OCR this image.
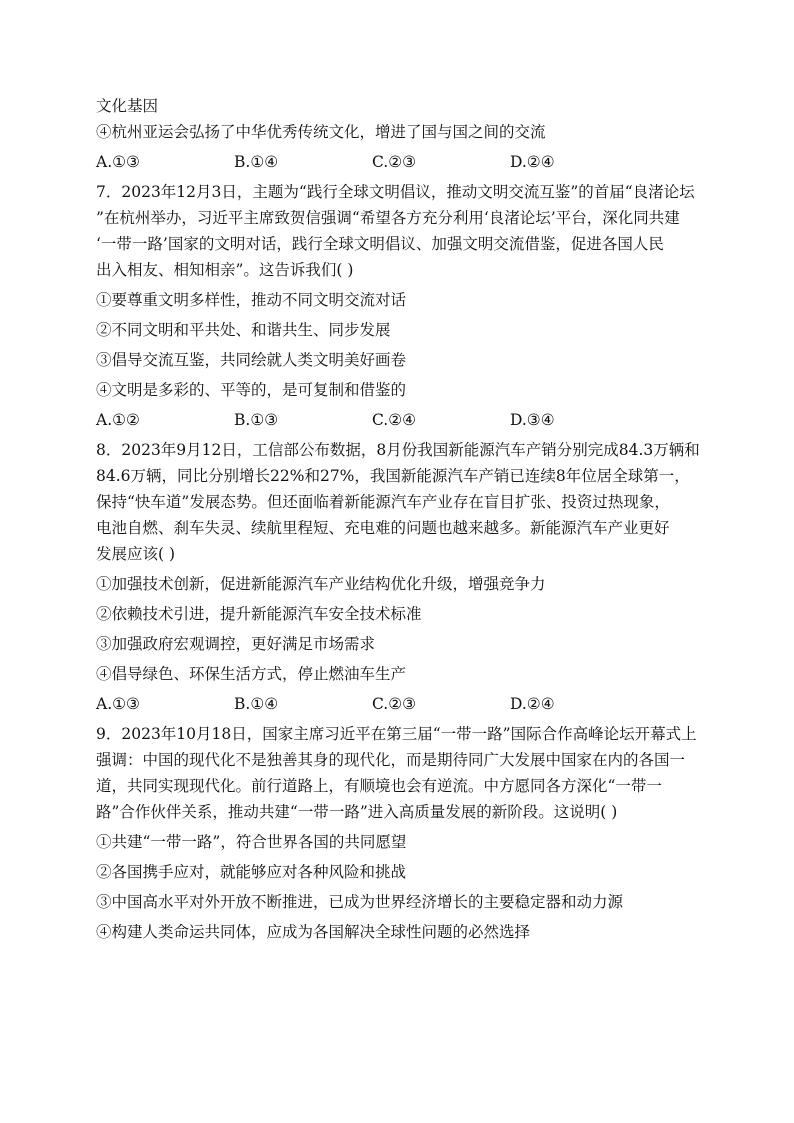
文化基因
④杭州亚运会弘扬了中华优秀传统文化，增进了国与国之间的交流
A.①③	B.①④	C.②③	D.②④
7．2023年12月3日，主题为“践行全球文明倡议，推动文明交流互鉴”的首届“良渚论坛
”在杭州举办，习近平主席致贺信强调“希望各方充分利用‘良渚论坛’平台，深化同共建
‘一带一路’国家的文明对话，践行全球文明倡议、加强文明交流借鉴，促进各国人民
出入相友、相知相亲”。这告诉我们( )
①要尊重文明多样性，推动不同文明交流对话
②不同文明和平共处、和谐共生、同步发展
③倡导交流互鉴，共同绘就人类文明美好画卷
④文明是多彩的、平等的，是可复制和借鉴的
A.①②	B.①③	C.②④	D.③④
8．2023年9月12日，工信部公布数据，8月份我国新能源汽车产销分别完成84.3万辆和
84.6万辆，同比分别增长22%和27%，我国新能源汽车产销已连续8年位居全球第一，
保持“快车道”发展态势。但还面临着新能源汽车产业存在盲目扩张、投资过热现象，
电池自燃、刹车失灵、续航里程短、充电难的问题也越来越多。新能源汽车产业更好
发展应该( )
①加强技术创新，促进新能源汽车产业结构优化升级，增强竞争力
②依赖技术引进，提升新能源汽车安全技术标准
③加强政府宏观调控，更好满足市场需求
④倡导绿色、环保生活方式，停止燃油车生产
A.①③	B.①④	C.②③	D.②④
9．2023年10月18日，国家主席习近平在第三届“一带一路”国际合作高峰论坛开幕式上
强调：中国的现代化不是独善其身的现代化，而是期待同广大发展中国家在内的各国一
道，共同实现现代化。前行道路上，有顺境也会有逆流。中方愿同各方深化“一带一
路”合作伙伴关系，推动共建“一带一路”进入高质量发展的新阶段。这说明( )
①共建“一带一路”，符合世界各国的共同愿望
②各国携手应对，就能够应对各种风险和挑战
③中国高水平对外开放不断推进，已成为世界经济增长的主要稳定器和动力源
④构建人类命运共同体，应成为各国解决全球性问题的必然选择
